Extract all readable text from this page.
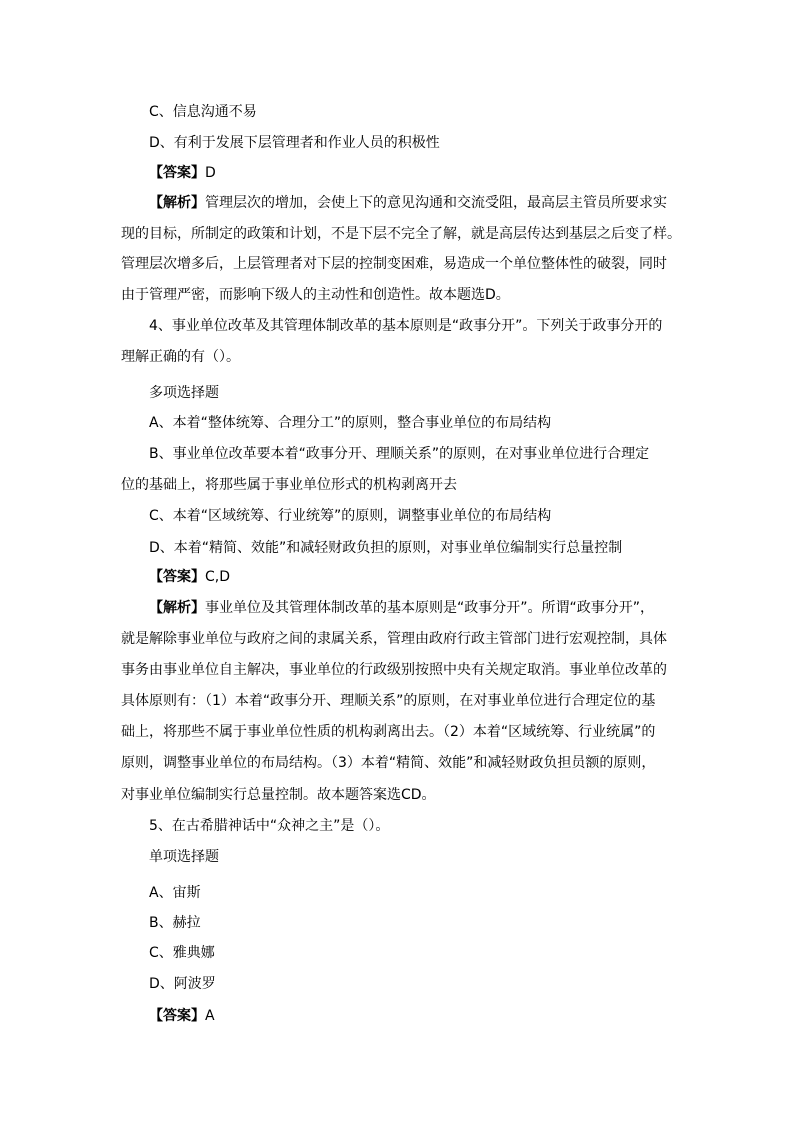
C、信息沟通不易
D、有利于发展下层管理者和作业人员的积极性
【答案】D
【解析】管理层次的增加，会使上下的意见沟通和交流受阻，最高层主管员所要求实
现的目标，所制定的政策和计划，不是下层不完全了解，就是高层传达到基层之后变了样。
管理层次增多后，上层管理者对下层的控制变困难，易造成一个单位整体性的破裂，同时
由于管理严密，而影响下级人的主动性和创造性。故本题选D。
4、事业单位改革及其管理体制改革的基本原则是“政事分开”。下列关于政事分开的
理解正确的有（）。
多项选择题
A、本着“整体统筹、合理分工”的原则，整合事业单位的布局结构
B、事业单位改革要本着“政事分开、理顺关系”的原则，在对事业单位进行合理定
位的基础上，将那些属于事业单位形式的机构剥离开去
C、本着“区域统筹、行业统筹”的原则，调整事业单位的布局结构
D、本着“精简、效能”和减轻财政负担的原则，对事业单位编制实行总量控制
【答案】C,D
【解析】事业单位及其管理体制改革的基本原则是“政事分开”。所谓“政事分开”，
就是解除事业单位与政府之间的隶属关系，管理由政府行政主管部门进行宏观控制，具体
事务由事业单位自主解决，事业单位的行政级别按照中央有关规定取消。事业单位改革的
具体原则有：（1）本着“政事分开、理顺关系”的原则，在对事业单位进行合理定位的基
础上，将那些不属于事业单位性质的机构剥离出去。（2）本着“区域统筹、行业统属”的
原则，调整事业单位的布局结构。（3）本着“精简、效能”和减轻财政负担员额的原则，
对事业单位编制实行总量控制。故本题答案选CD。
5、在古希腊神话中“众神之主”是（）。
单项选择题
A、宙斯
B、赫拉
C、雅典娜
D、阿波罗
【答案】A
